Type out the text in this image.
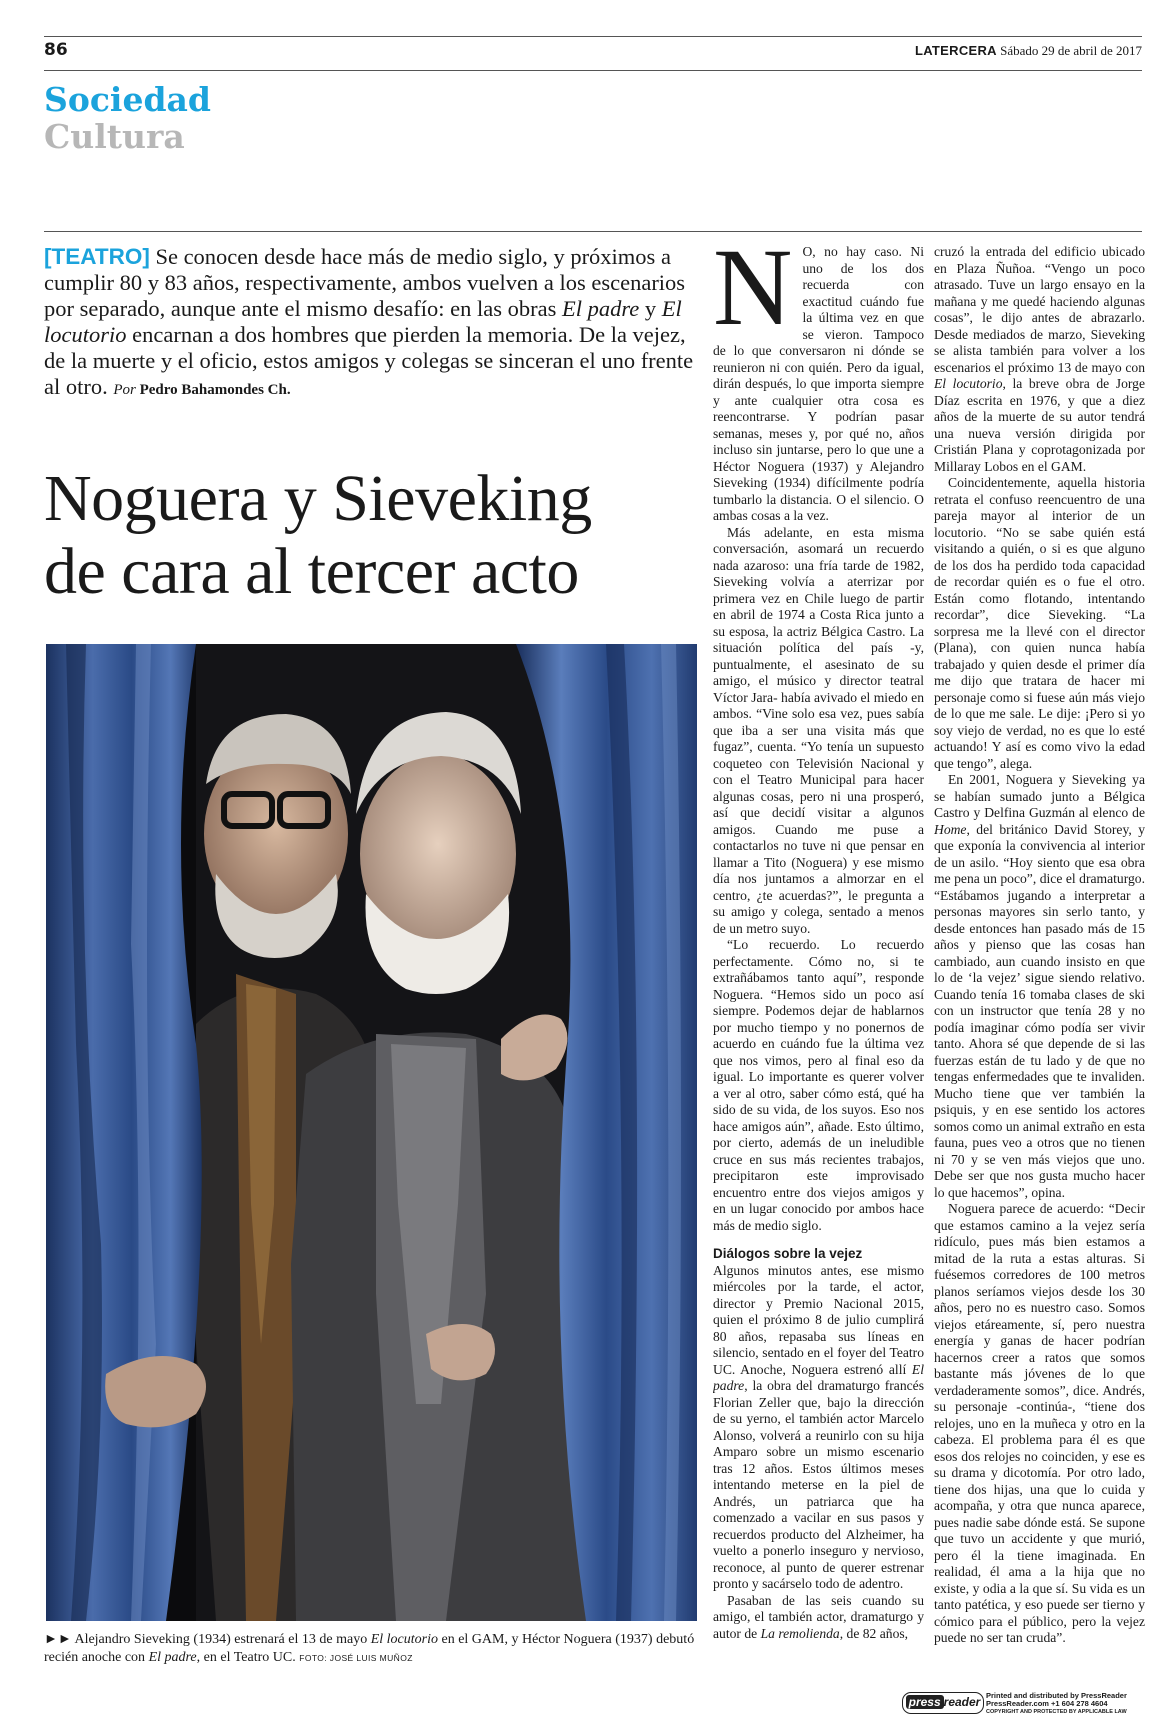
86	LATERCERA Sábado 29 de abril de 2017
Sociedad
Cultura
[TEATRO] Se conocen desde hace más de medio siglo, y próximos a cumplir 80 y 83 años, respectivamente, ambos vuelven a los escenarios por separado, aunque ante el mismo desafío: en las obras El padre y El locutorio encarnan a dos hombres que pierden la memoria. De la vejez, de la muerte y el oficio, estos amigos y colegas se sinceran el uno frente al otro. Por Pedro Bahamondes Ch.
Noguera y Sieveking
de cara al tercer acto
►► Alejandro Sieveking (1934) estrenará el 13 de mayo El locutorio en el GAM, y Héctor Noguera (1937) debutó recién anoche con El padre, en el Teatro UC. FOTO: JOSÉ LUIS MUÑOZ

N O, no hay caso. Ni uno de los dos recuerda con exactitud cuándo fue la última vez en que se vieron. Tampoco de lo que conversaron ni dónde se reunieron ni con quién. Pero da igual, dirán después, lo que importa siempre y ante cualquier otra cosa es reencontrarse. Y podrían pasar semanas, meses y, por qué no, años incluso sin juntarse, pero lo que une a Héctor Noguera (1937) y Alejandro Sieveking (1934) difícilmente podría tumbarlo la distancia. O el silencio. O ambas cosas a la vez.

Más adelante, en esta misma conversación, asomará un recuerdo nada azaroso: una fría tarde de 1982, Sieveking volvía a aterrizar por primera vez en Chile luego de partir en abril de 1974 a Costa Rica junto a su esposa, la actriz Bélgica Castro. La situación política del país -y, puntualmente, el asesinato de su amigo, el músico y director teatral Víctor Jara- había avivado el miedo en ambos. “Vine solo esa vez, pues sabía que iba a ser una visita más que fugaz”, cuenta. “Yo tenía un supuesto coqueteo con Televisión Nacional y con el Teatro Municipal para hacer algunas cosas, pero ni una prosperó, así que decidí visitar a algunos amigos. Cuando me puse a contactarlos no tuve ni que pensar en llamar a Tito (Noguera) y ese mismo día nos juntamos a almorzar en el centro, ¿te acuerdas?”, le pregunta a su amigo y colega, sentado a menos de un metro suyo.

“Lo recuerdo. Lo recuerdo perfectamente. Cómo no, si te extrañábamos tanto aquí”, responde Noguera. “Hemos sido un poco así siempre. Podemos dejar de hablarnos por mucho tiempo y no ponernos de acuerdo en cuándo fue la última vez que nos vimos, pero al final eso da igual. Lo importante es querer volver a ver al otro, saber cómo está, qué ha sido de su vida, de los suyos. Eso nos hace amigos aún”, añade. Esto último, por cierto, además de un ineludible cruce en sus más recientes trabajos, precipitaron este improvisado encuentro entre dos viejos amigos y en un lugar conocido por ambos hace más de medio siglo.

Diálogos sobre la vejez

Algunos minutos antes, ese mismo miércoles por la tarde, el actor, director y Premio Nacional 2015, quien el próximo 8 de julio cumplirá 80 años, repasaba sus líneas en silencio, sentado en el foyer del Teatro UC. Anoche, Noguera estrenó allí El padre, la obra del dramaturgo francés Florian Zeller que, bajo la dirección de su yerno, el también actor Marcelo Alonso, volverá a reunirlo con su hija Amparo sobre un mismo escenario tras 12 años. Estos últimos meses intentando meterse en la piel de Andrés, un patriarca que ha comenzado a vacilar en sus pasos y recuerdos producto del Alzheimer, ha vuelto a ponerlo inseguro y nervioso, reconoce, al punto de querer estrenar pronto y sacárselo todo de adentro.

Pasaban de las seis cuando su amigo, el también actor, dramaturgo y autor de La remolienda, de 82 años,

cruzó la entrada del edificio ubicado en Plaza Ñuñoa. “Vengo un poco atrasado. Tuve un largo ensayo en la mañana y me quedé haciendo algunas cosas”, le dijo antes de abrazarlo. Desde mediados de marzo, Sieveking se alista también para volver a los escenarios el próximo 13 de mayo con El locutorio, la breve obra de Jorge Díaz escrita en 1976, y que a diez años de la muerte de su autor tendrá una nueva versión dirigida por Cristián Plana y coprotagonizada por Millaray Lobos en el GAM.

Coincidentemente, aquella historia retrata el confuso reencuentro de una pareja mayor al interior de un locutorio. “No se sabe quién está visitando a quién, o si es que alguno de los dos ha perdido toda capacidad de recordar quién es o fue el otro. Están como flotando, intentando recordar”, dice Sieveking. “La sorpresa me la llevé con el director (Plana), con quien nunca había trabajado y quien desde el primer día me dijo que tratara de hacer mi personaje como si fuese aún más viejo de lo que me sale. Le dije: ¡Pero si yo soy viejo de verdad, no es que lo esté actuando! Y así es como vivo la edad que tengo”, alega.

En 2001, Noguera y Sieveking ya se habían sumado junto a Bélgica Castro y Delfina Guzmán al elenco de Home, del británico David Storey, y que exponía la convivencia al interior de un asilo. “Hoy siento que esa obra me pena un poco”, dice el dramaturgo. “Estábamos jugando a interpretar a personas mayores sin serlo tanto, y desde entonces han pasado más de 15 años y pienso que las cosas han cambiado, aun cuando insisto en que lo de ‘la vejez’ sigue siendo relativo. Cuando tenía 16 tomaba clases de ski con un instructor que tenía 28 y no podía imaginar cómo podía ser vivir tanto. Ahora sé que depende de si las fuerzas están de tu lado y de que no tengas enfermedades que te invaliden. Mucho tiene que ver también la psiquis, y en ese sentido los actores somos como un animal extraño en esta fauna, pues veo a otros que no tienen ni 70 y se ven más viejos que uno. Debe ser que nos gusta mucho hacer lo que hacemos”, opina.

Noguera parece de acuerdo: “Decir que estamos camino a la vejez sería ridículo, pues más bien estamos a mitad de la ruta a estas alturas. Si fuésemos corredores de 100 metros planos seríamos viejos desde los 30 años, pero no es nuestro caso. Somos viejos etáreamente, sí, pero nuestra energía y ganas de hacer podrían hacernos creer a ratos que somos bastante más jóvenes de lo que verdaderamente somos”, dice. Andrés, su personaje -continúa-, “tiene dos relojes, uno en la muñeca y otro en la cabeza. El problema para él es que esos dos relojes no coinciden, y ese es su drama y dicotomía. Por otro lado, tiene dos hijas, una que lo cuida y acompaña, y otra que nunca aparece, pues nadie sabe dónde está. Se supone que tuvo un accidente y que murió, pero él la tiene imaginada. En realidad, él ama a la hija que no existe, y odia a la que sí. Su vida es un tanto patética, y eso puede ser tierno y cómico para el público, pero la vejez puede no ser tan cruda”.

press reader Printed and distributed by PressReader
PressReader.com +1 604 278 4604
COPYRIGHT AND PROTECTED BY APPLICABLE LAW
